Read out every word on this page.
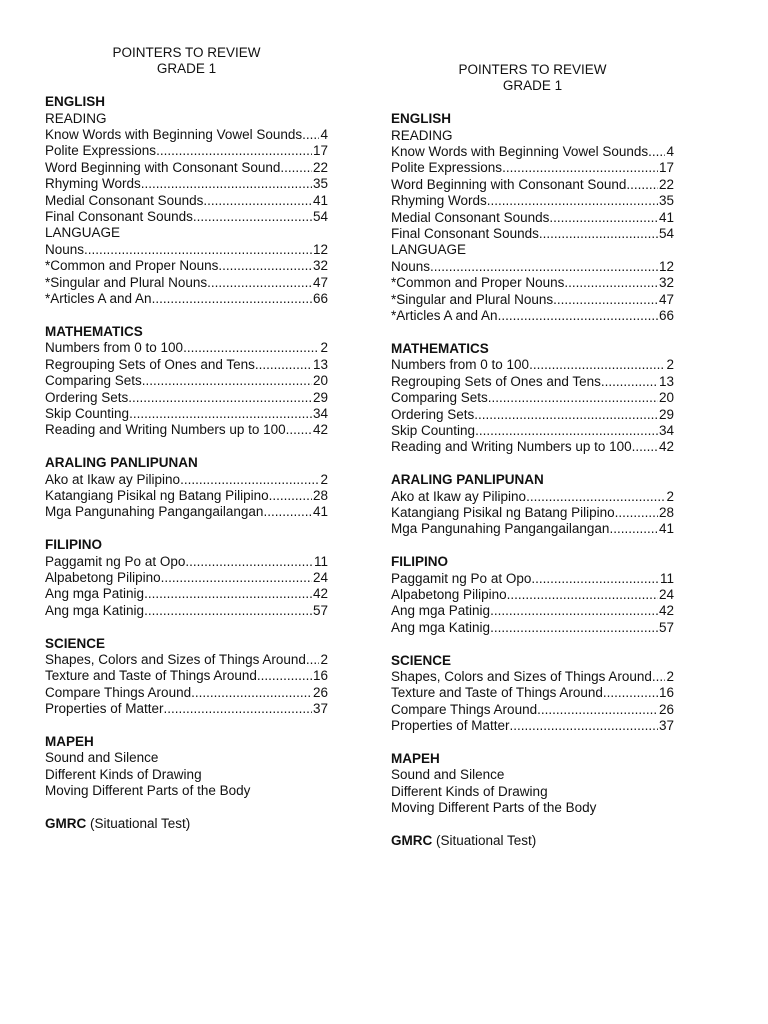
POINTERS TO REVIEW
GRADE 1
ENGLISH
READING
Know Words with Beginning Vowel Sounds ..... 4
Polite Expressions .....	17
Word Beginning with Consonant Sound ..... 22
Rhyming Words .....	35
Medial Consonant Sounds .....	41
Final Consonant Sounds .....	54
LANGUAGE
Nouns .....	12
*Common and Proper Nouns .....	32
*Singular and Plural Nouns .....	47
*Articles A and An .....	66
MATHEMATICS
Numbers from 0 to 100 .....	2
Regrouping Sets of Ones and Tens .....	13
Comparing Sets .....	20
Ordering Sets .....	29
Skip Counting .....	34
Reading and Writing Numbers up to 100 ..... 42
ARALING PANLIPUNAN
Ako at Ikaw ay Pilipino .....	2
Katangiang Pisikal ng Batang Pilipino .....	28
Mga Pangunahing Pangangailangan .....	41
FILIPINO
Paggamit ng Po at Opo .....	11
Alpabetong Pilipino .....	24
Ang mga Patinig .....	42
Ang mga Katinig .....	57
SCIENCE
Shapes, Colors and Sizes of Things Around ..... 2
Texture and Taste of Things Around .....	16
Compare Things Around .....	26
Properties of Matter .....	37
MAPEH
Sound and Silence
Different Kinds of Drawing
Moving Different Parts of the Body
GMRC (Situational Test)
POINTERS TO REVIEW
GRADE 1
ENGLISH
READING
Know Words with Beginning Vowel Sounds ..... 4
Polite Expressions .....	17
Word Beginning with Consonant Sound ..... 22
Rhyming Words .....	35
Medial Consonant Sounds .....	41
Final Consonant Sounds .....	54
LANGUAGE
Nouns .....	12
*Common and Proper Nouns .....	32
*Singular and Plural Nouns .....	47
*Articles A and An .....	66
MATHEMATICS
Numbers from 0 to 100 .....	2
Regrouping Sets of Ones and Tens .....	13
Comparing Sets .....	20
Ordering Sets .....	29
Skip Counting .....	34
Reading and Writing Numbers up to 100 ..... 42
ARALING PANLIPUNAN
Ako at Ikaw ay Pilipino .....	2
Katangiang Pisikal ng Batang Pilipino .....	28
Mga Pangunahing Pangangailangan .....	41
FILIPINO
Paggamit ng Po at Opo .....	11
Alpabetong Pilipino .....	24
Ang mga Patinig .....	42
Ang mga Katinig .....	57
SCIENCE
Shapes, Colors and Sizes of Things Around ..... 2
Texture and Taste of Things Around .....	16
Compare Things Around .....	26
Properties of Matter .....	37
MAPEH
Sound and Silence
Different Kinds of Drawing
Moving Different Parts of the Body
GMRC (Situational Test)
